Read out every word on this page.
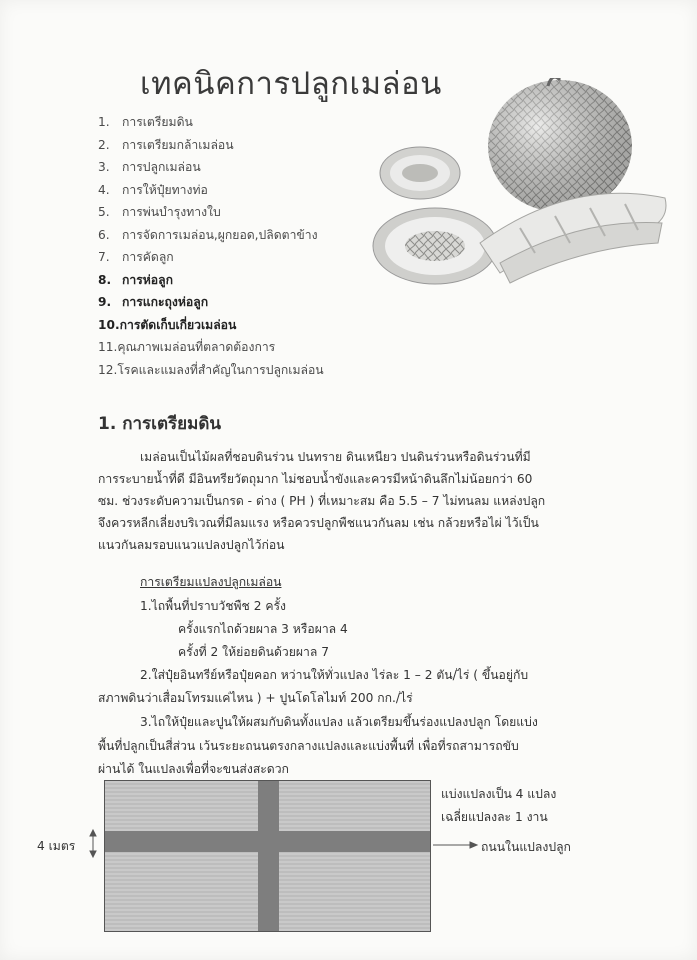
เทคนิคการปลูกเมล่อน
1. การเตรียมดิน
2. การเตรียมกล้าเมล่อน
3. การปลูกเมล่อน
4. การให้ปุ๋ยทางท่อ
5. การพ่นบำรุงทางใบ
6. การจัดการเมล่อน,ผูกยอด,ปลิดตาข้าง
7. การคัดลูก
8. การห่อลูก
9. การแกะถุงห่อลูก
10.การตัดเก็บเกี่ยวเมล่อน
11.คุณภาพเมล่อนที่ตลาดต้องการ
12.โรคและแมลงที่สำคัญในการปลูกเมล่อน
1. การเตรียมดิน
เมล่อนเป็นไม้ผลที่ชอบดินร่วน ปนทราย ดินเหนียว ปนดินร่วนหรือดินร่วนที่มี
การระบายน้ำที่ดี มีอินทรียวัตถุมาก ไม่ชอบน้ำขังและควรมีหน้าดินลึกไม่น้อยกว่า 60
ซม. ช่วงระดับความเป็นกรด - ด่าง ( PH ) ที่เหมาะสม คือ 5.5 – 7 ไม่ทนลม แหล่งปลูก
จึงควรหลีกเลี่ยงบริเวณที่มีลมแรง หรือควรปลูกพืชแนวกันลม เช่น กล้วยหรือไผ่ ไว้เป็น
แนวกันลมรอบแนวแปลงปลูกไว้ก่อน
การเตรียมแปลงปลูกเมล่อน
1.ไถพื้นที่ปราบวัชพืช 2 ครั้ง
ครั้งแรกไถด้วยผาล 3 หรือผาล 4
ครั้งที่ 2 ให้ย่อยดินด้วยผาล 7
2.ใส่ปุ๋ยอินทรีย์หรือปุ๋ยคอก หว่านให้ทั่วแปลง ไร่ละ 1 – 2 ตัน/ไร่ ( ขึ้นอยู่กับ
สภาพดินว่าเสื่อมโทรมแค่ไหน ) + ปูนโดโลไมท์ 200 กก./ไร่
3.ไถให้ปุ๋ยและปูนให้ผสมกับดินทั้งแปลง แล้วเตรียมขึ้นร่องแปลงปลูก โดยแบ่ง
พื้นที่ปลูกเป็นสี่ส่วน เว้นระยะถนนตรงกลางแปลงและแบ่งพื้นที่ เพื่อที่รถสามารถขับ
ผ่านได้ ในแปลงเพื่อที่จะขนส่งสะดวก
แบ่งแปลงเป็น 4 แปลง
เฉลี่ยแปลงละ 1 งาน
4 เมตร	ถนนในแปลงปลูก
